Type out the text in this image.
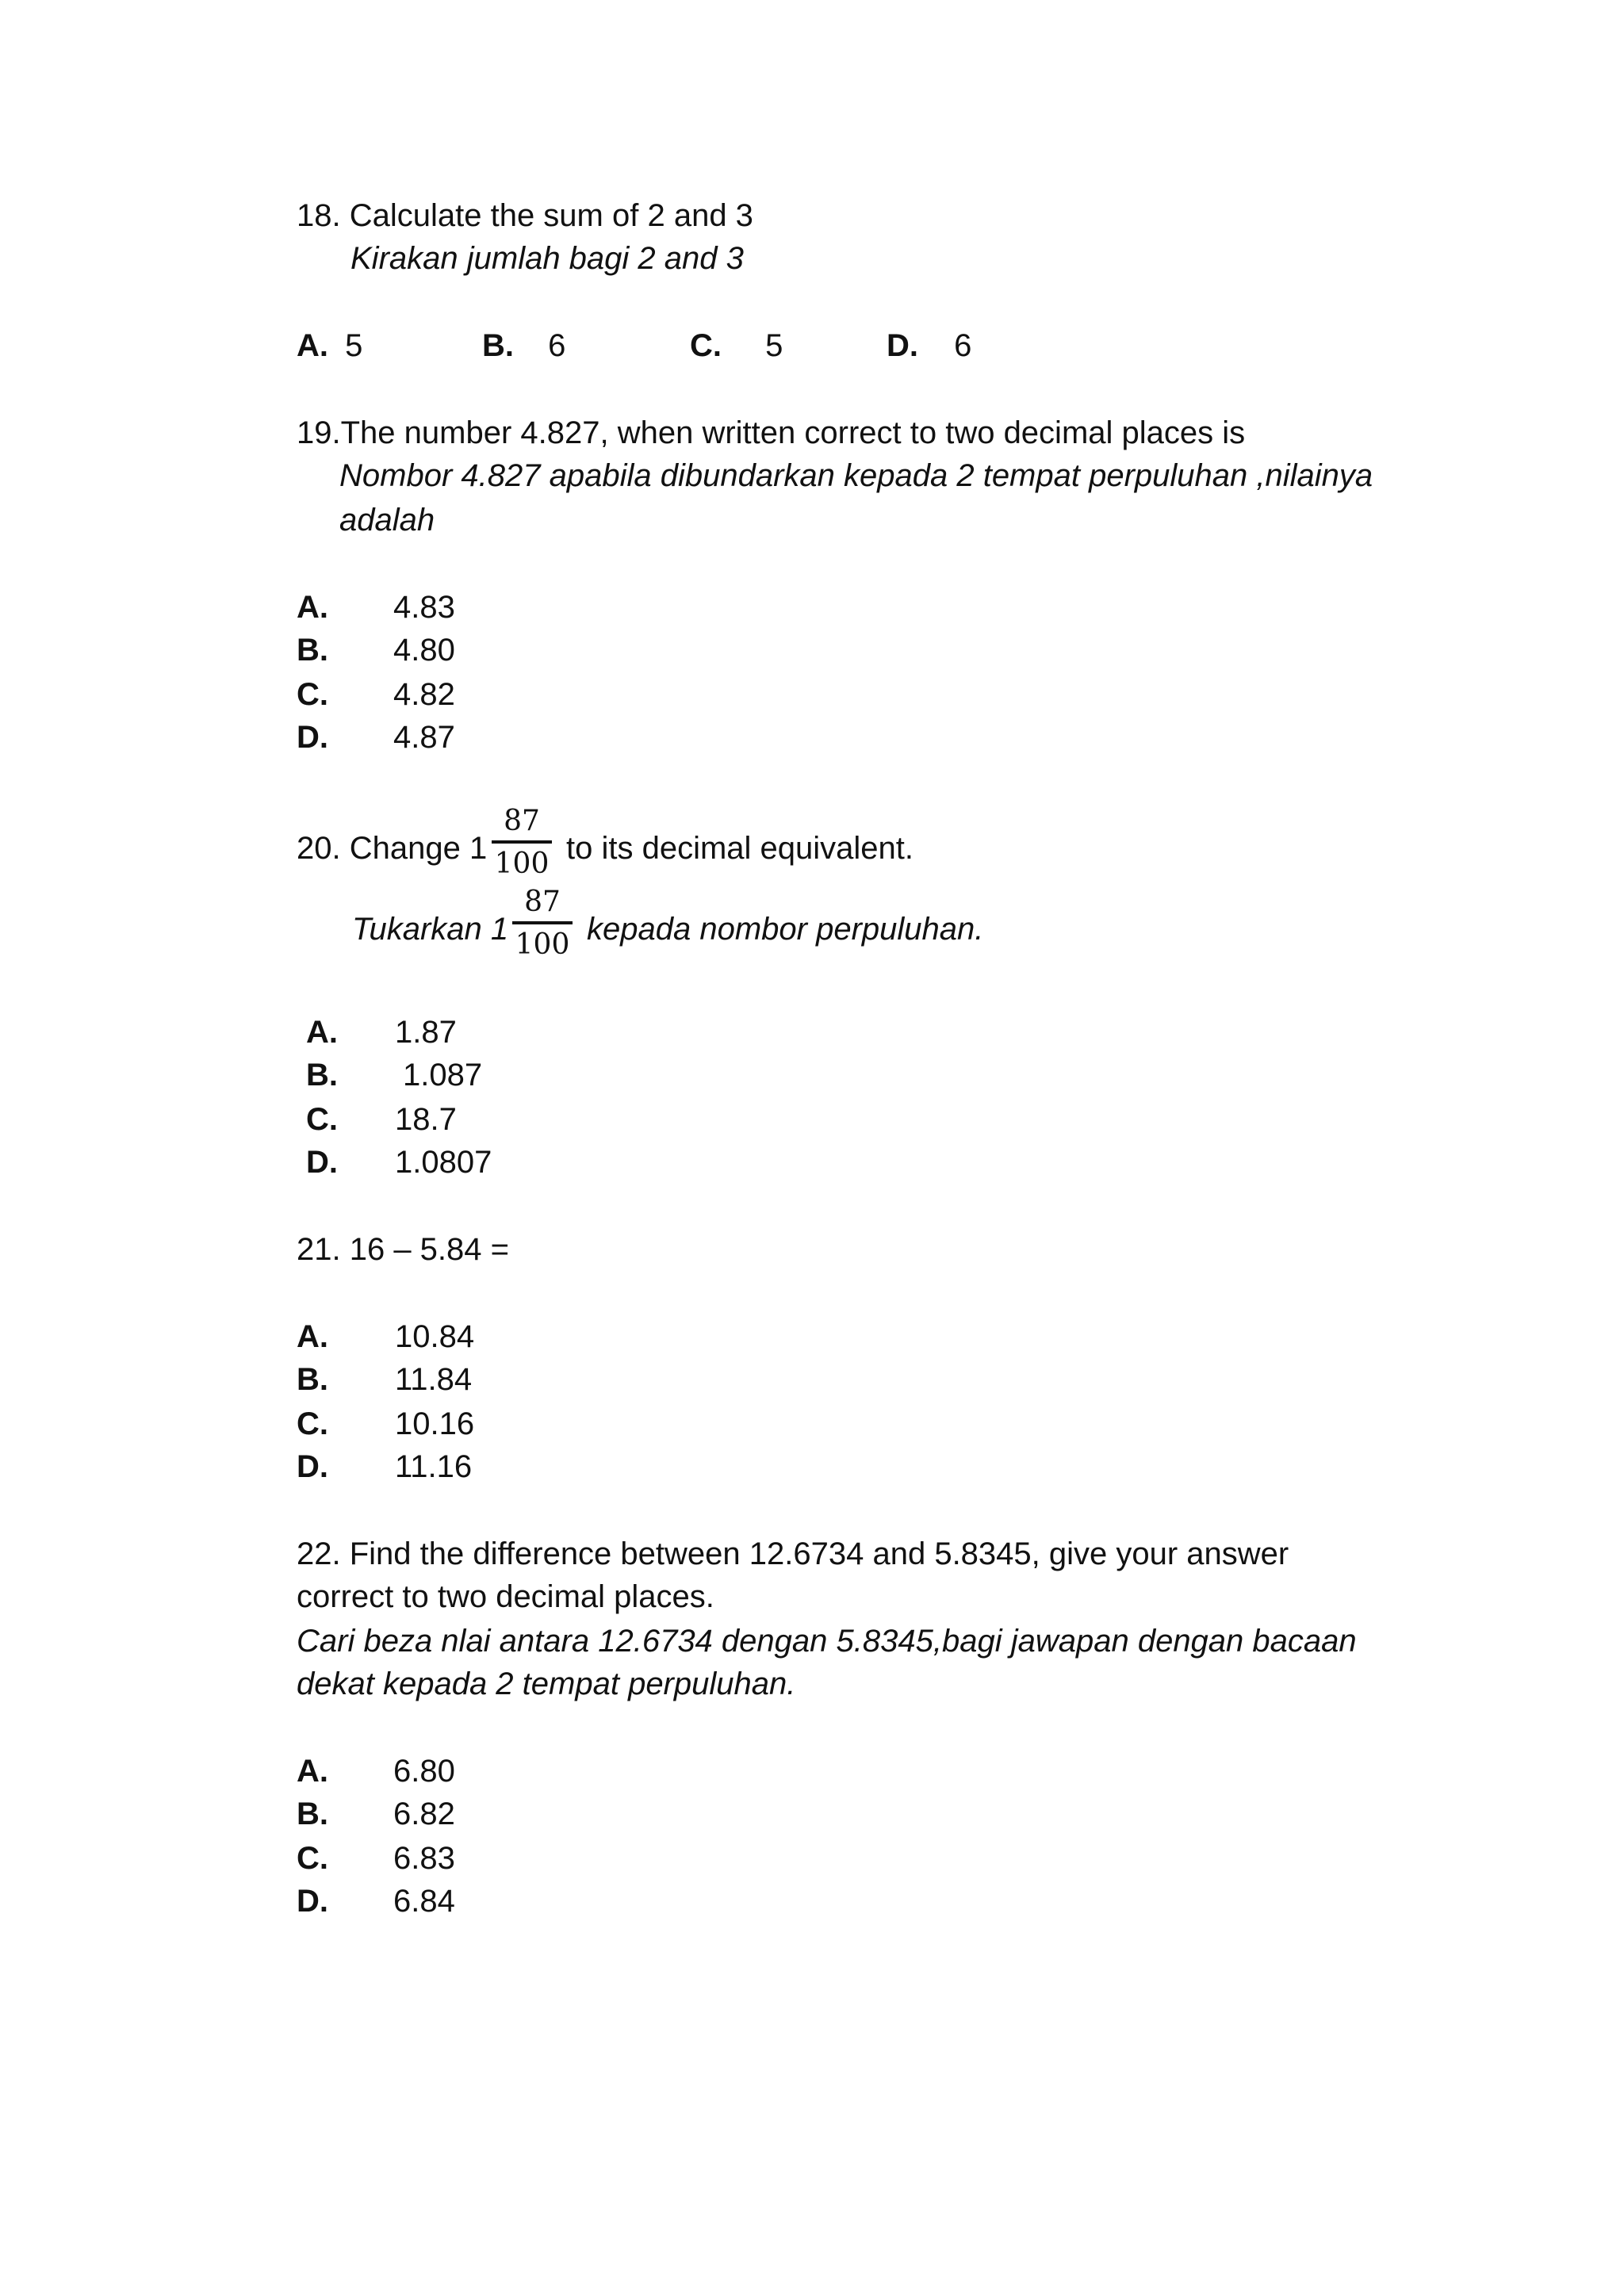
18. Calculate the sum of 2 and 3
Kirakan jumlah bagi 2 and 3
A. 5	B. 6	C. 5	D. 6
19.The number 4.827, when written correct to two decimal places is
Nombor 4.827 apabila dibundarkan kepada 2 tempat perpuluhan ,nilainya
adalah
A. 4.83
B. 4.80
C. 4.82
D. 4.87
20. Change 1
87
100 to its decimal equivalent.
Tukarkan 1
87
100 kepada nombor perpuluhan.
A. 1.87
B. 1.087
C. 18.7
D. 1.0807
21. 16 – 5.84 =
A. 10.84
B. 11.84
C. 10.16
D. 11.16
22. Find the difference between 12.6734 and 5.8345, give your answer
correct to two decimal places.
Cari beza nlai antara 12.6734 dengan 5.8345,bagi jawapan dengan bacaan
dekat kepada 2 tempat perpuluhan.
A. 6.80
B. 6.82
C. 6.83
D. 6.84
